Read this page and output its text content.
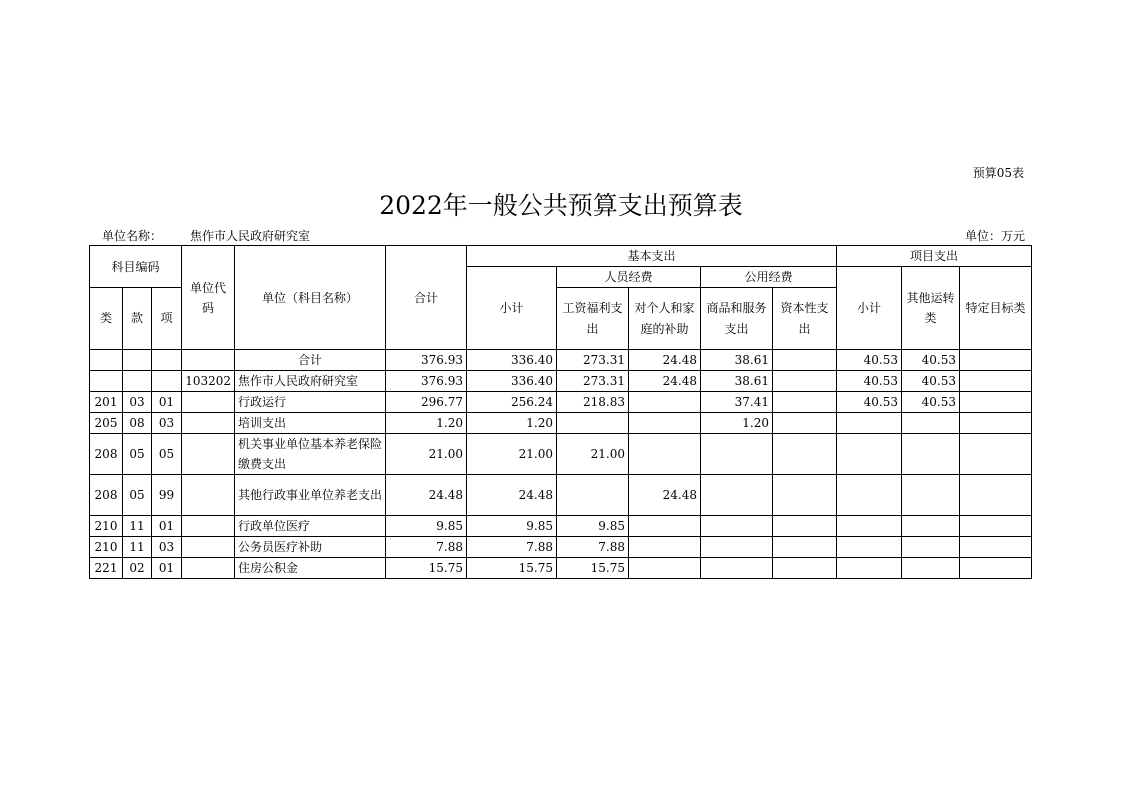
预算05表
2022年一般公共预算支出预算表
单位名称： 焦作市人民政府研究室	单位：万元
科目编码			单位代码	单位（科目名称）	合计	基本支出					项目支出		
						小计	人员经费		公用经费		小计	其他运转类	特定目标类
类	款	项					工资福利支出	对个人和家庭的补助	商品和服务支出	资本性支出			
				合计	376.93	336.40	273.31	24.48	38.61		40.53	40.53	
			103202	焦作市人民政府研究室	376.93	336.40	273.31	24.48	38.61		40.53	40.53	
201	03	01		行政运行	296.77	256.24	218.83		37.41		40.53	40.53	
205	08	03		培训支出	1.20	1.20			1.20				
208	05	05		机关事业单位基本养老保险缴费支出	21.00	21.00	21.00						
208	05	99		其他行政事业单位养老支出	24.48	24.48		24.48					
210	11	01		行政单位医疗	9.85	9.85	9.85						
210	11	03		公务员医疗补助	7.88	7.88	7.88						
221	02	01		住房公积金	15.75	15.75	15.75						
